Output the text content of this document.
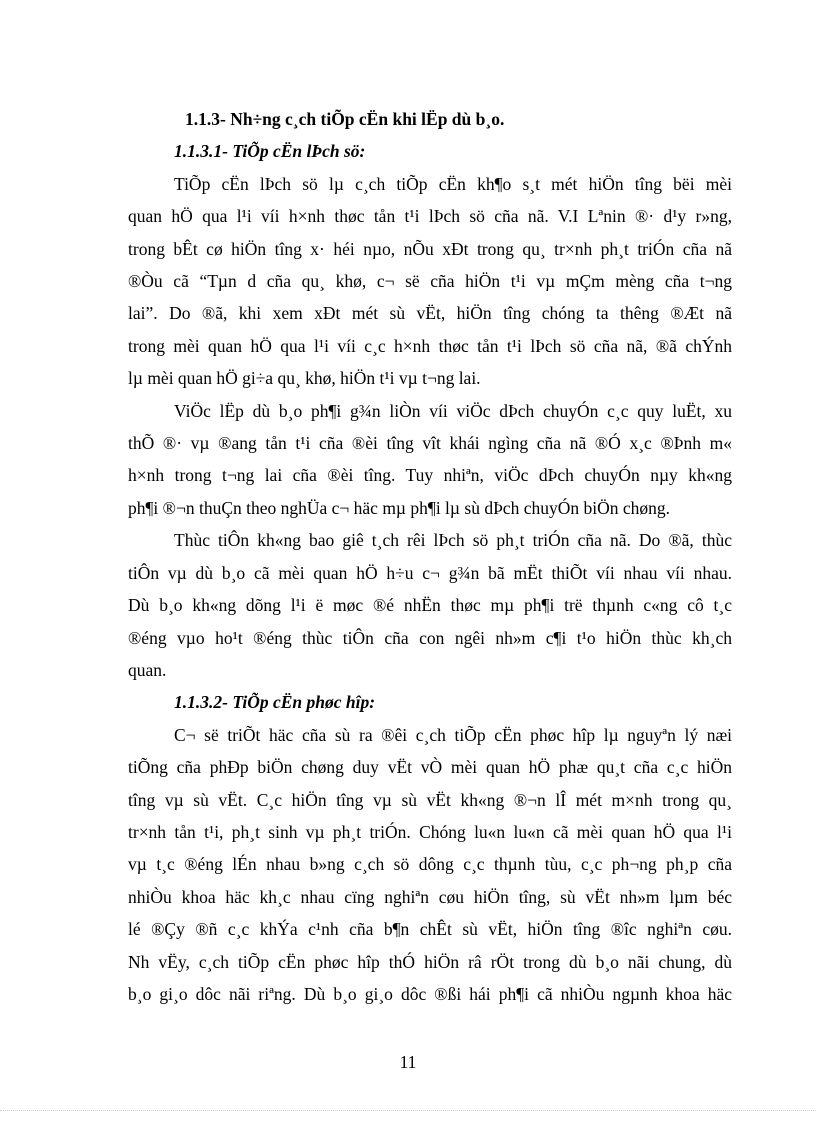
1.1.3- Nh÷ng c¸ch tiÕp cËn khi lËp dù b¸o.

1.1.3.1- TiÕp cËn lÞch sö:

TiÕp cËn lÞch sö lµ c¸ch tiÕp cËn kh¶o s¸t mét hiÖn tîng bëi mèi
quan hÖ qua l¹i víi h×nh thøc tån t¹i lÞch sö cña nã. V.I Lªnin ®· d¹y r»ng,
trong bÊt cø hiÖn tîng x· héi nµo, nÕu xÐt trong qu¸ tr×nh ph¸t triÓn cña nã
®Òu cã “Tµn d cña qu¸ khø, c¬ së cña hiÖn t¹i vµ mÇm mèng cña t¬ng
lai”. Do ®ã, khi xem xÐt mét sù vËt, hiÖn tîng chóng ta thêng ®Æt nã
trong mèi quan hÖ qua l¹i víi c¸c h×nh thøc tån t¹i lÞch sö cña nã, ®ã chÝnh
lµ mèi quan hÖ gi÷a qu¸ khø, hiÖn t¹i vµ t¬ng lai.
ViÖc lËp dù b¸o ph¶i g¾n liÒn víi viÖc dÞch chuyÓn c¸c quy luËt, xu
thÕ ®· vµ ®ang tån t¹i cña ®èi tîng vît khái ngìng cña nã ®Ó x¸c ®Þnh m«
h×nh trong t¬ng lai cña ®èi tîng. Tuy nhiªn, viÖc dÞch chuyÓn nµy kh«ng
ph¶i ®¬n thuÇn theo nghÜa c¬ häc mµ ph¶i lµ sù dÞch chuyÓn biÖn chøng.
Thùc tiÔn kh«ng bao giê t¸ch rêi lÞch sö ph¸t triÓn cña nã. Do ®ã, thùc
tiÔn vµ dù b¸o cã mèi quan hÖ h÷u c¬ g¾n bã mËt thiÕt víi nhau víi nhau.
Dù b¸o kh«ng dõng l¹i ë møc ®é nhËn thøc mµ ph¶i trë thµnh c«ng cô t¸c
®éng vµo ho¹t ®éng thùc tiÔn cña con ngêi nh»m c¶i t¹o hiÖn thùc kh¸ch
quan.

1.1.3.2- TiÕp cËn phøc hîp:

C¬ së triÕt häc cña sù ra ®êi c¸ch tiÕp cËn phøc hîp lµ nguyªn lý næi
tiÕng cña phÐp biÖn chøng duy vËt vÒ mèi quan hÖ phæ qu¸t cña c¸c hiÖn
tîng vµ sù vËt. C¸c hiÖn tîng vµ sù vËt kh«ng ®¬n lÎ mét m×nh trong qu¸
tr×nh tån t¹i, ph¸t sinh vµ ph¸t triÓn. Chóng lu«n lu«n cã mèi quan hÖ qua l¹i
vµ t¸c ®éng lÉn nhau b»ng c¸ch sö dông c¸c thµnh tùu, c¸c ph¬ng ph¸p cña
nhiÒu khoa häc kh¸c nhau cïng nghiªn cøu hiÖn tîng, sù vËt nh»m lµm béc
lé ®Çy ®ñ c¸c khÝa c¹nh cña b¶n chÊt sù vËt, hiÖn tîng ®îc nghiªn cøu.
Nh vËy, c¸ch tiÕp cËn phøc hîp thÓ hiÖn râ rÖt trong dù b¸o nãi chung, dù
b¸o gi¸o dôc nãi riªng. Dù b¸o gi¸o dôc ®ßi hái ph¶i cã nhiÒu ngµnh khoa häc
11
